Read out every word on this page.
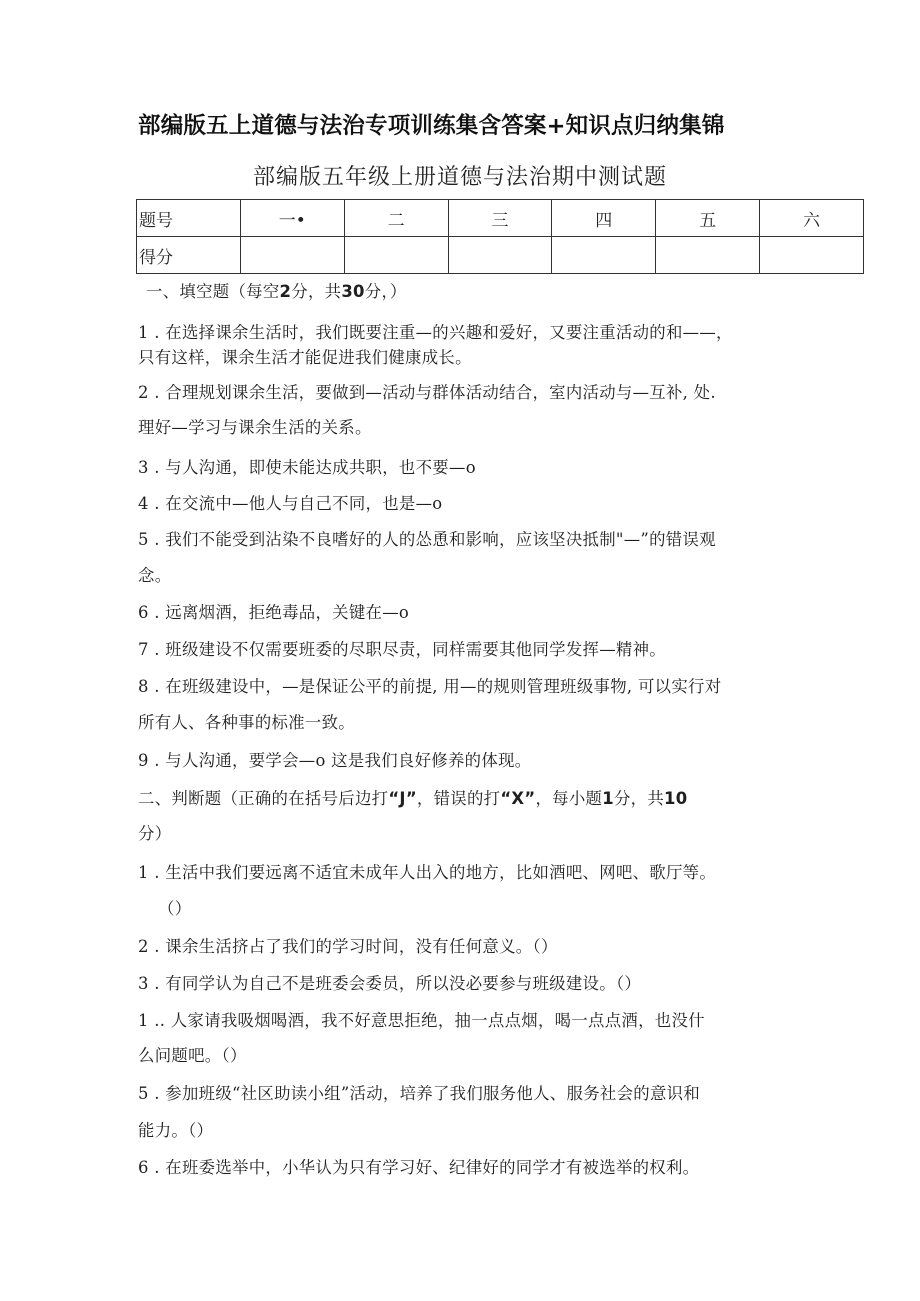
部编版五上道德与法治专项训练集含答案+知识点归纳集锦
部编版五年级上册道德与法治期中测试题
题号	一•	二	三	四	五	六
得分						
一、填空题（每空2分，共30分，）
1 . 在选择课余生活时，我们既要注重—的兴趣和爱好，又要注重活动的和——，
只有这样，课余生活才能促进我们健康成长。
2 . 合理规划课余生活，要做到—活动与群体活动结合，室内活动与—互补, 处.
理好—学习与课余生活的关系。
3 . 与人沟通，即使未能达成共职，也不要—o
4 . 在交流中—他人与自己不同，也是—o
5 . 我们不能受到沾染不良嗜好的人的怂恿和影响，应该坚决抵制"—”的错误观
念。
6 . 远离烟酒，拒绝毒品，关键在—o
7 . 班级建设不仅需要班委的尽职尽责，同样需要其他同学发挥—精神。
8 . 在班级建设中，—是保证公平的前提, 用—的规则管理班级事物, 可以实行对
所有人、各种事的标准一致。
9 . 与人沟通，要学会—o 这是我们良好修养的体现。
二、判断题（正确的在括号后边打“J”，错误的打“X”，每小题1分，共10
分）
1 . 生活中我们要远离不适宜未成年人出入的地方，比如酒吧、网吧、歌厅等。
（）
2 . 课余生活挤占了我们的学习时间，没有任何意义。（）
3 . 有同学认为自己不是班委会委员，所以没必要参与班级建设。（）
1 .. 人家请我吸烟喝酒，我不好意思拒绝，抽一点点烟，喝一点点酒，也没什
么问题吧。（）
5 . 参加班级“社区助读小组”活动，培养了我们服务他人、服务社会的意识和
能力。（）
6 . 在班委选举中，小华认为只有学习好、纪律好的同学才有被选举的权利。
